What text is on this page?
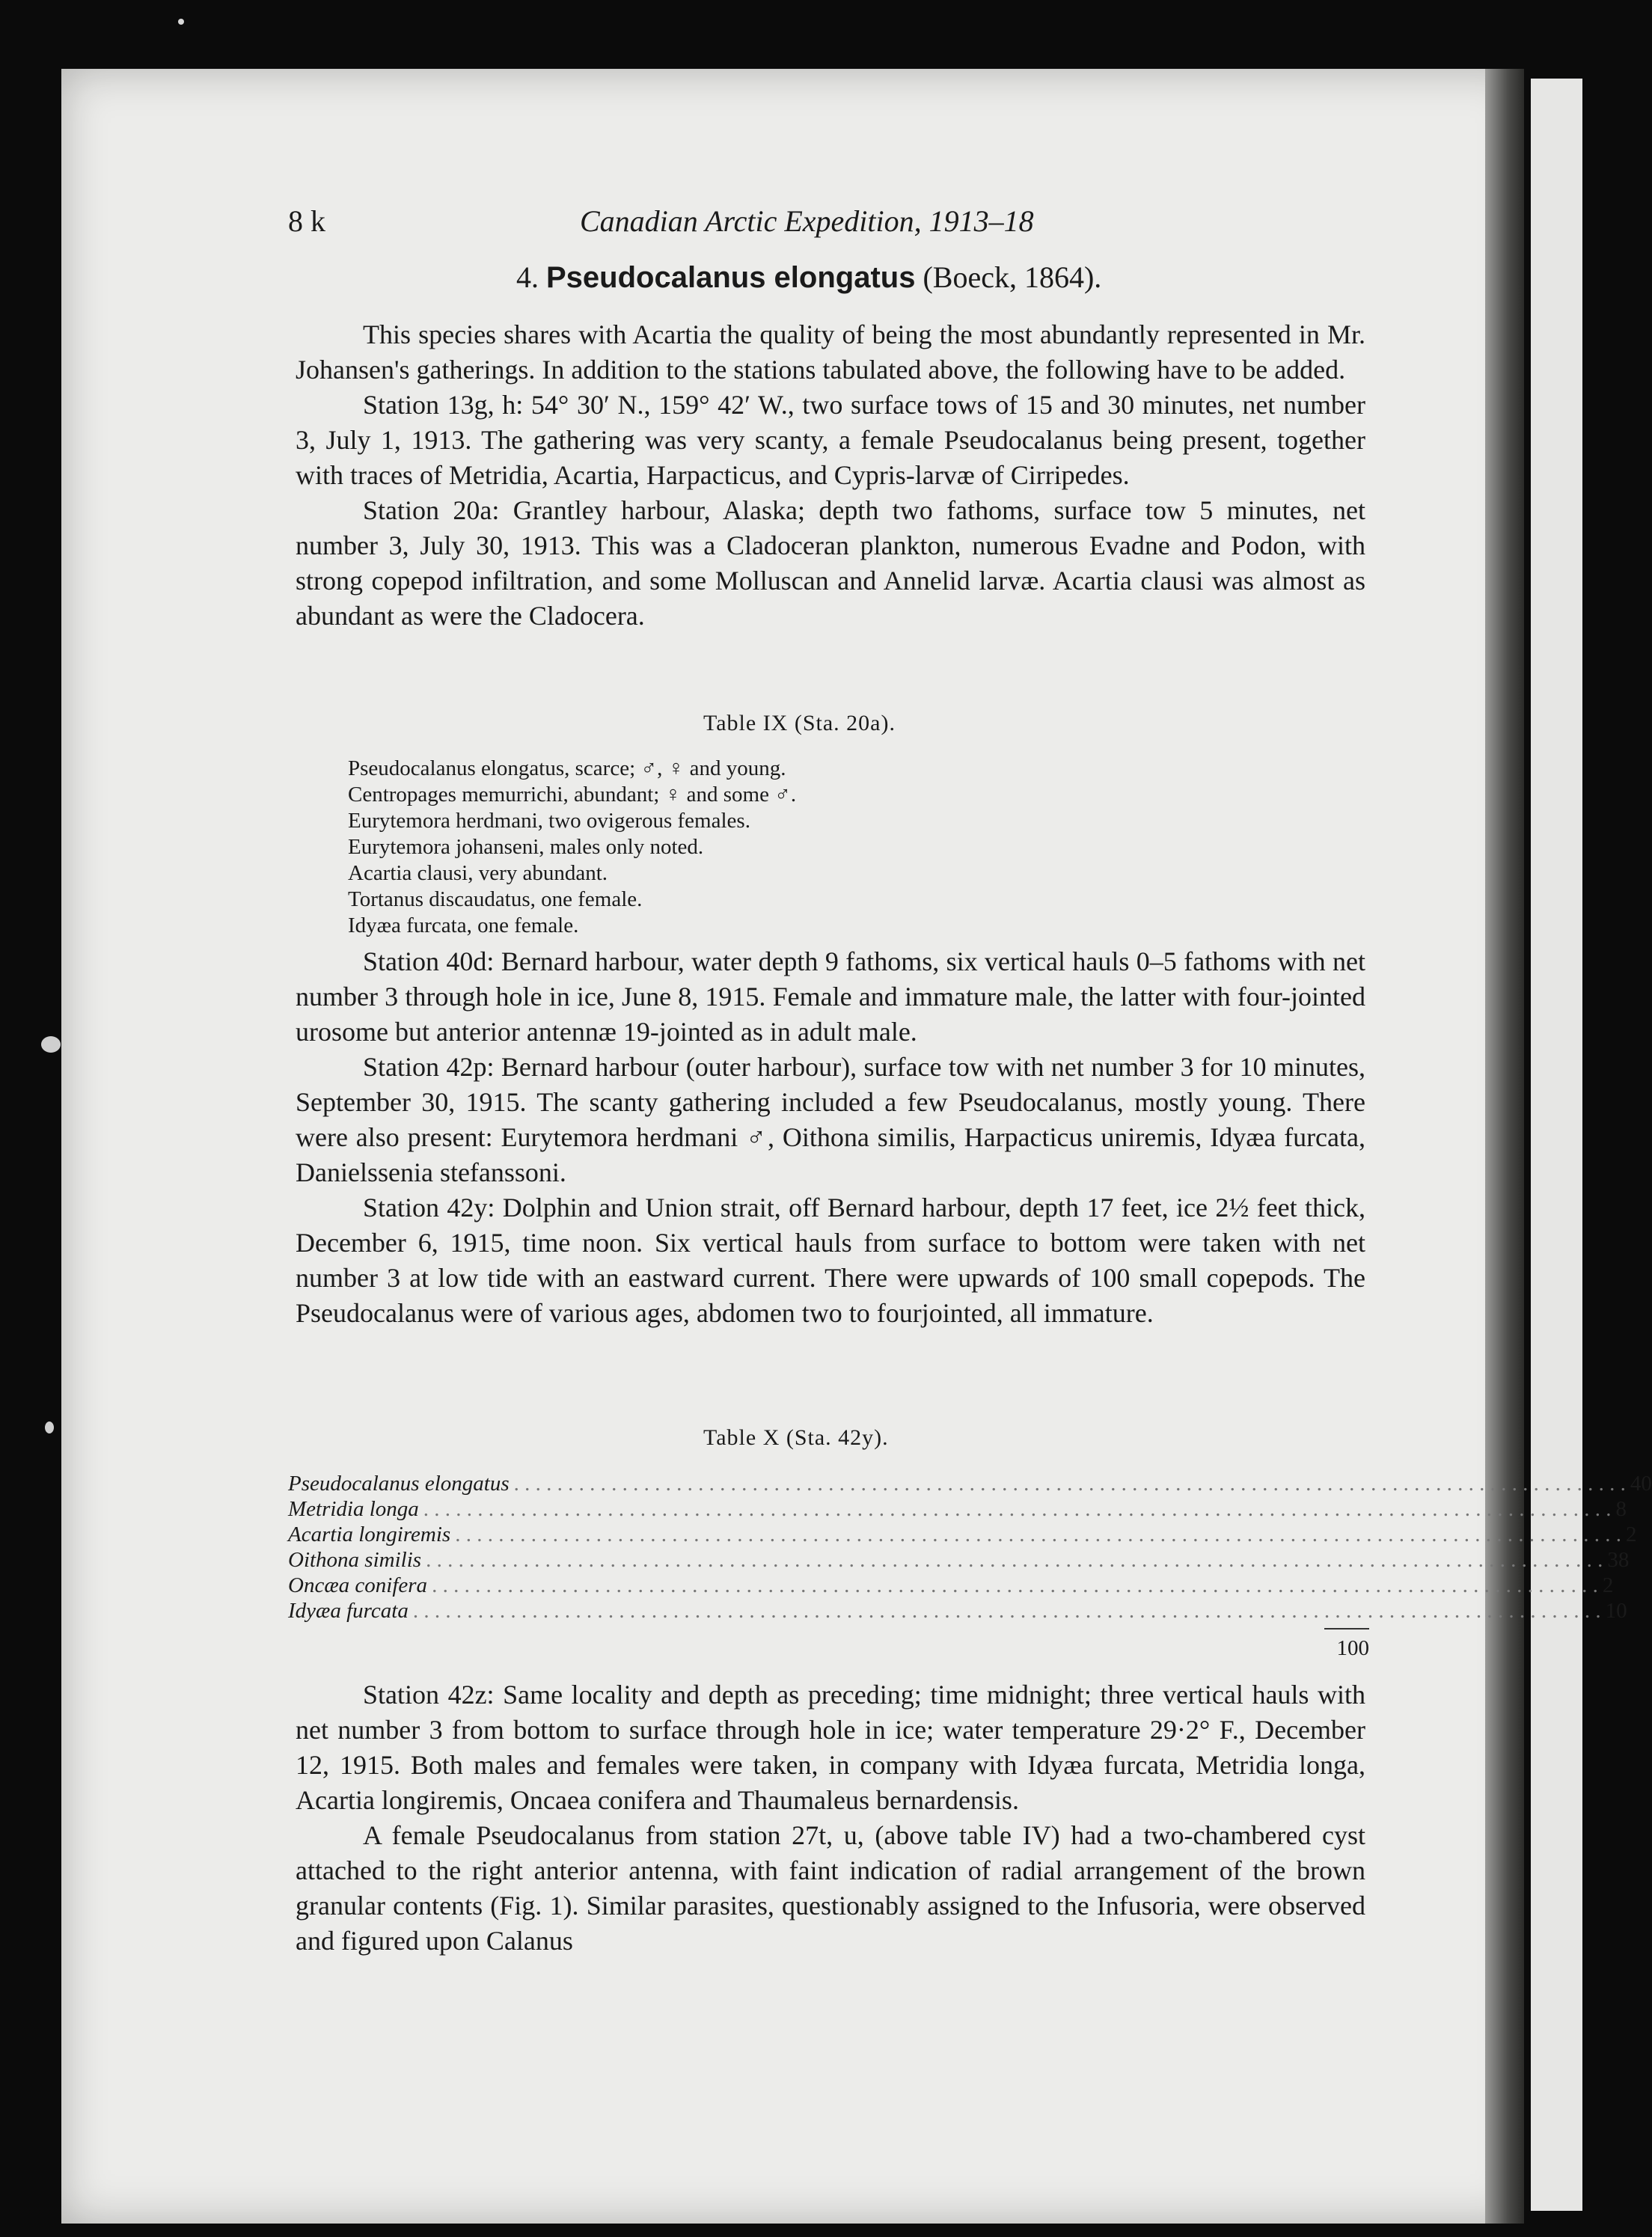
8 k	Canadian Arctic Expedition, 1913–18
4. Pseudocalanus elongatus (Boeck, 1864).

This species shares with Acartia the quality of being the most abundantly represented in Mr. Johansen's gatherings. In addition to the stations tabulated above, the following have to be added.

Station 13g, h: 54° 30′ N., 159° 42′ W., two surface tows of 15 and 30 minutes, net number 3, July 1, 1913. The gathering was very scanty, a female Pseudocalanus being present, together with traces of Metridia, Acartia, Harpacticus, and Cypris-larvæ of Cirripedes.

Station 20a: Grantley harbour, Alaska; depth two fathoms, surface tow 5 minutes, net number 3, July 30, 1913. This was a Cladoceran plankton, numerous Evadne and Podon, with strong copepod infiltration, and some Molluscan and Annelid larvæ. Acartia clausi was almost as abundant as were the Cladocera.

Table IX (Sta. 20a).
Pseudocalanus elongatus, scarce; ♂, ♀ and young.
Centropages memurrichi, abundant; ♀ and some ♂.
Eurytemora herdmani, two ovigerous females.
Eurytemora johanseni, males only noted.
Acartia clausi, very abundant.
Tortanus discaudatus, one female.
Idyæa furcata, one female.

Station 40d: Bernard harbour, water depth 9 fathoms, six vertical hauls 0–5 fathoms with net number 3 through hole in ice, June 8, 1915. Female and immature male, the latter with four-jointed urosome but anterior antennæ 19-jointed as in adult male.

Station 42p: Bernard harbour (outer harbour), surface tow with net number 3 for 10 minutes, September 30, 1915. The scanty gathering included a few Pseudocalanus, mostly young. There were also present: Eurytemora herdmani ♂, Oithona similis, Harpacticus uniremis, Idyæa furcata, Danielssenia stefanssoni.

Station 42y: Dolphin and Union strait, off Bernard harbour, depth 17 feet, ice 2½ feet thick, December 6, 1915, time noon. Six vertical hauls from surface to bottom were taken with net number 3 at low tide with an eastward current. There were upwards of 100 small copepods. The Pseudocalanus were of various ages, abdomen two to fourjointed, all immature.

Table X (Sta. 42y).
Pseudocalanus elongatus . . . . . . . . . . . . . . . . . . . . . . . . . . . . . . . . . . . . . . . . . . . . . . . . . . . . . . . . . . . . . . . . . . . . . . . . . . . . . . . . . . . . . . . . . . . . . . . . . . . . . . . 40
Metridia longa . . . . . . . . . . . . . . . . . . . . . . . . . . . . . . . . . . . . . . . . . . . . . . . . . . . . . . . . . . . . . . . . . . . . . . . . . . . . . . . . . . . . . . . . . . . . . . . . . . . . . . . . . . . . . . 8
Acartia longiremis . . . . . . . . . . . . . . . . . . . . . . . . . . . . . . . . . . . . . . . . . . . . . . . . . . . . . . . . . . . . . . . . . . . . . . . . . . . . . . . . . . . . . . . . . . . . . . . . . . . . . . . . . . . . 2
Oithona similis . . . . . . . . . . . . . . . . . . . . . . . . . . . . . . . . . . . . . . . . . . . . . . . . . . . . . . . . . . . . . . . . . . . . . . . . . . . . . . . . . . . . . . . . . . . . . . . . . . . . . . . . . . . . . 38
Oncæa conifera . . . . . . . . . . . . . . . . . . . . . . . . . . . . . . . . . . . . . . . . . . . . . . . . . . . . . . . . . . . . . . . . . . . . . . . . . . . . . . . . . . . . . . . . . . . . . . . . . . . . . . . . . . . . 2
Idyæa furcata . . . . . . . . . . . . . . . . . . . . . . . . . . . . . . . . . . . . . . . . . . . . . . . . . . . . . . . . . . . . . . . . . . . . . . . . . . . . . . . . . . . . . . . . . . . . . . . . . . . . . . . . . . . . . . 10
100

Station 42z: Same locality and depth as preceding; time midnight; three vertical hauls with net number 3 from bottom to surface through hole in ice; water temperature 29·2° F., December 12, 1915. Both males and females were taken, in company with Idyæa furcata, Metridia longa, Acartia longiremis, Oncaea conifera and Thaumaleus bernardensis.

A female Pseudocalanus from station 27t, u, (above table IV) had a two-chambered cyst attached to the right anterior antenna, with faint indication of radial arrangement of the brown granular contents (Fig. 1). Similar parasites, questionably assigned to the Infusoria, were observed and figured upon Calanus
